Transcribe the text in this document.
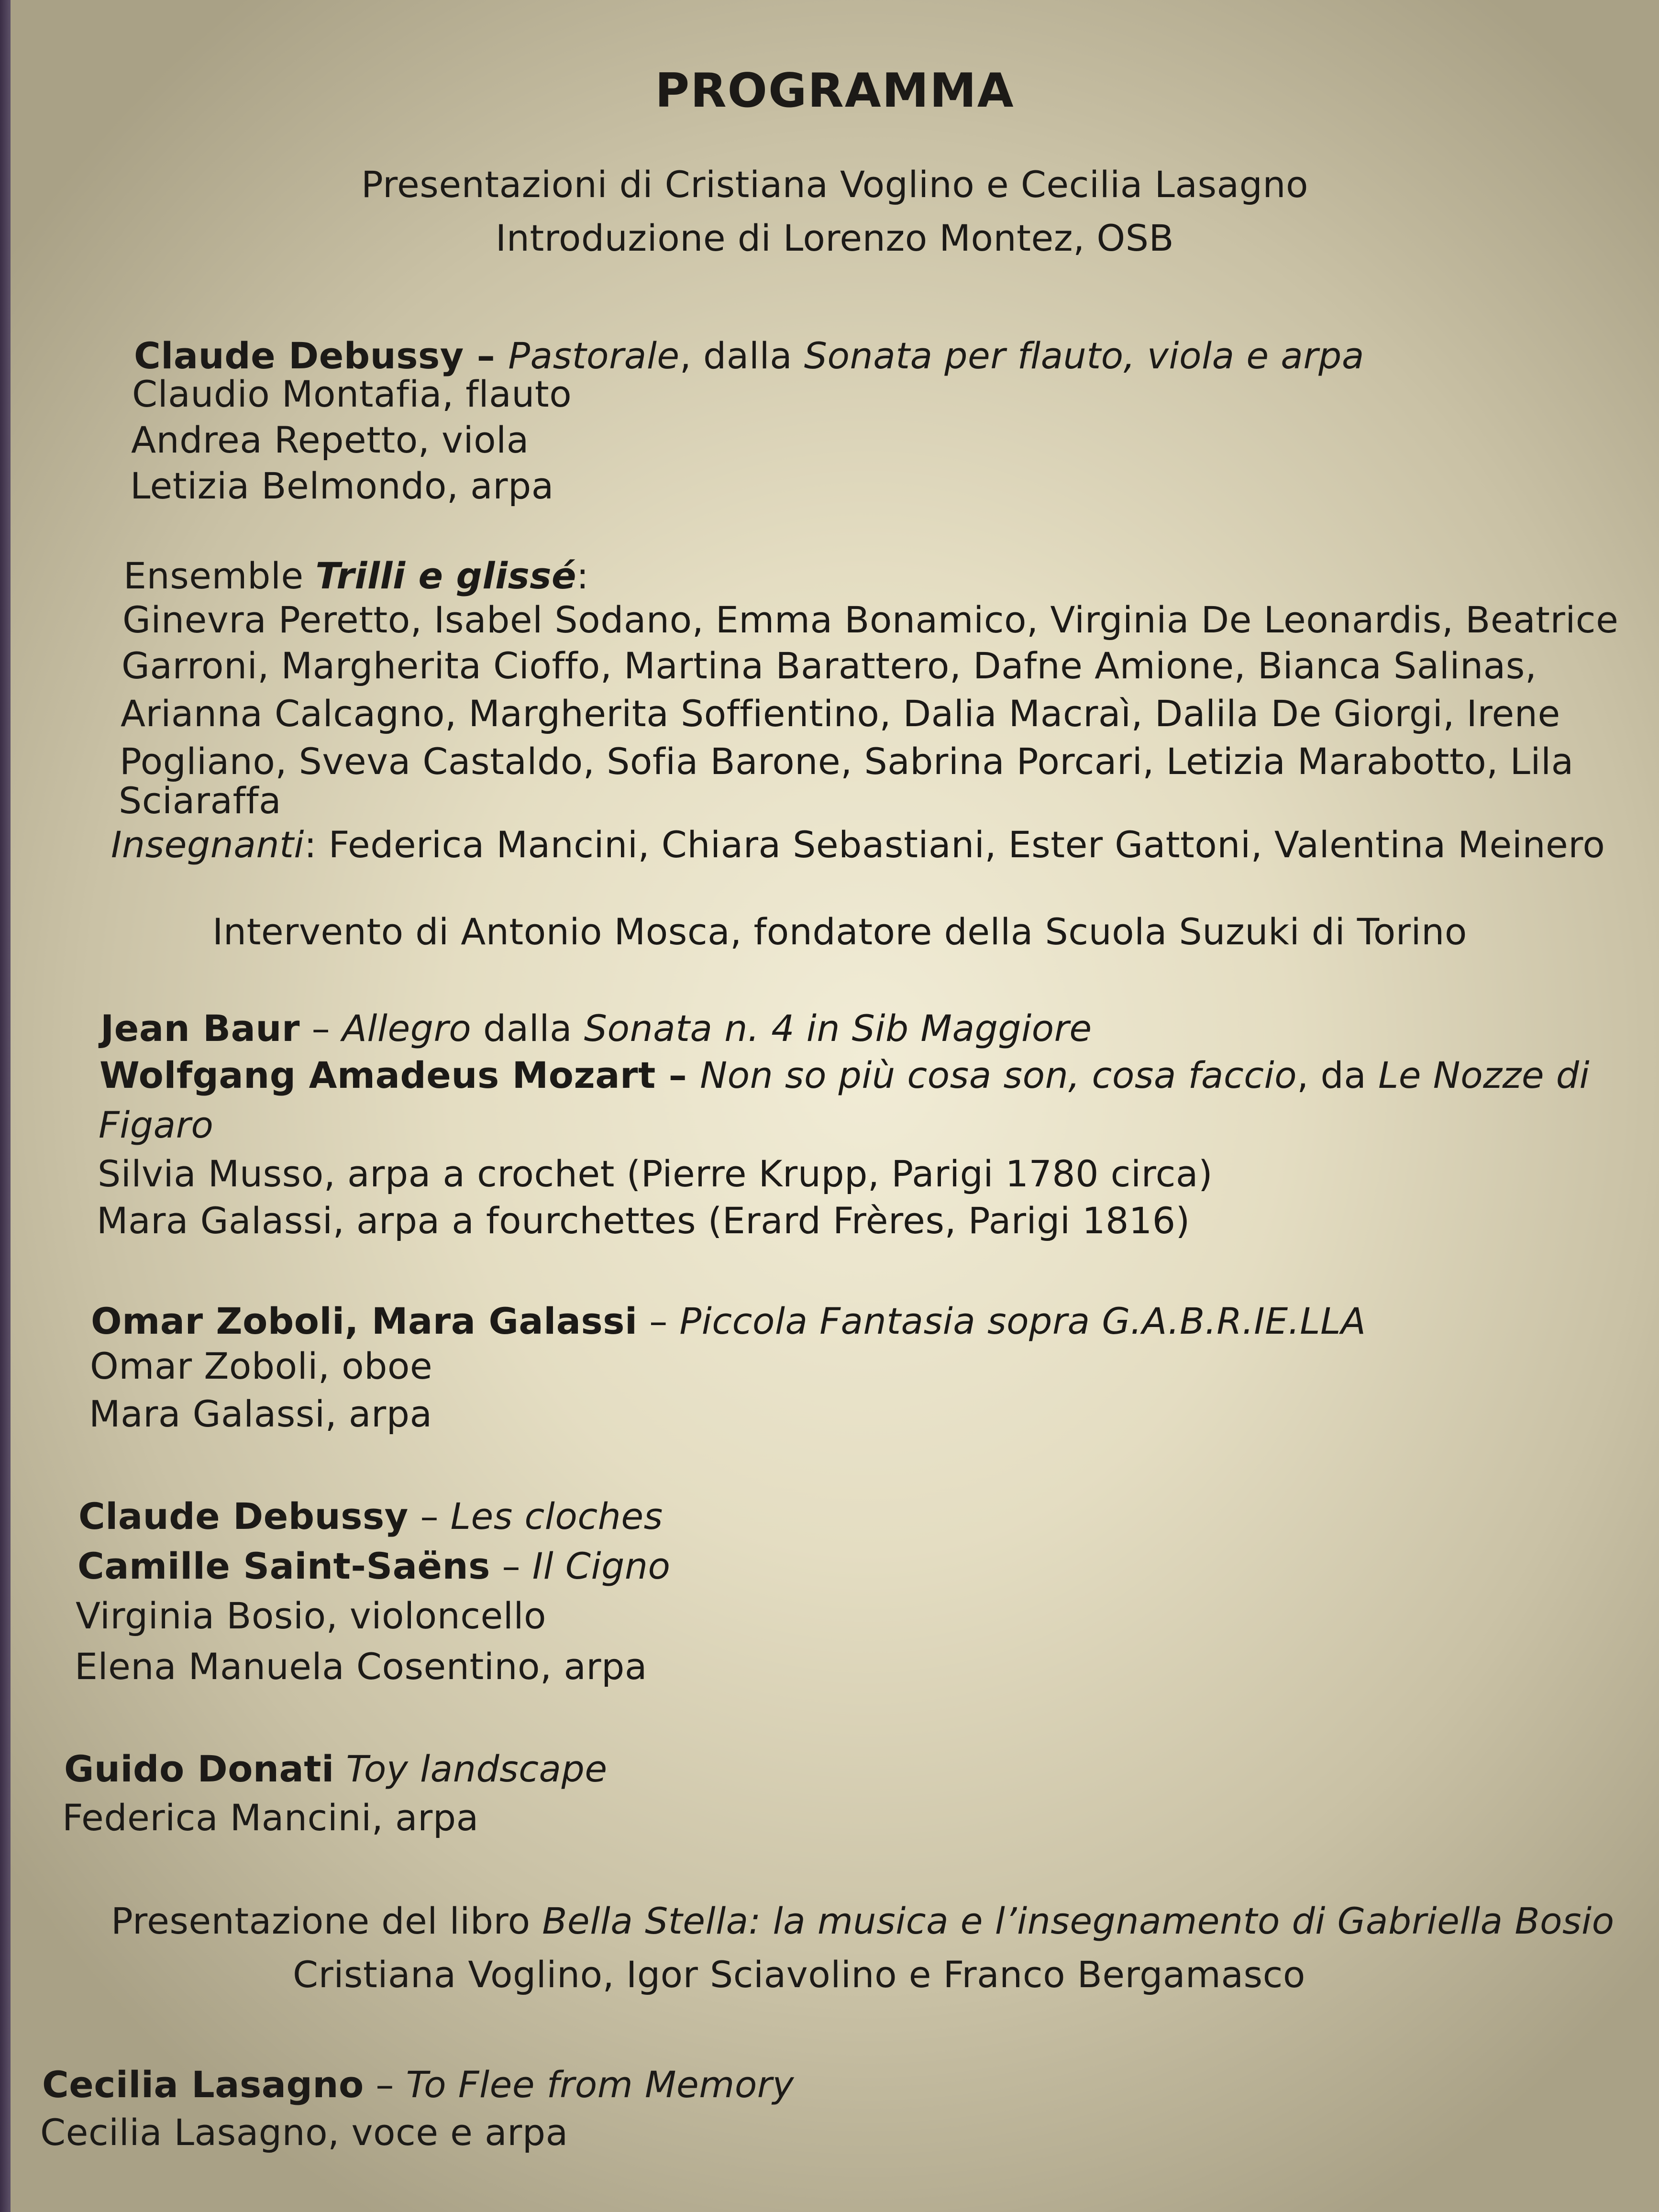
PROGRAMMA
Presentazioni di Cristiana Voglino e Cecilia Lasagno
Introduzione di Lorenzo Montez, OSB
Claude Debussy – Pastorale, dalla Sonata per flauto, viola e arpa
Claudio Montafia, flauto
Andrea Repetto, viola
Letizia Belmondo, arpa
Ensemble Trilli e glissé:
Ginevra Peretto, Isabel Sodano, Emma Bonamico, Virginia De Leonardis, Beatrice
Garroni, Margherita Cioffo, Martina Barattero, Dafne Amione, Bianca Salinas,
Arianna Calcagno, Margherita Soffientino, Dalia Macraì, Dalila De Giorgi, Irene
Pogliano, Sveva Castaldo, Sofia Barone, Sabrina Porcari, Letizia Marabotto, Lila
Sciaraffa
Insegnanti: Federica Mancini, Chiara Sebastiani, Ester Gattoni, Valentina Meinero
Intervento di Antonio Mosca, fondatore della Scuola Suzuki di Torino
Jean Baur – Allegro dalla Sonata n. 4 in Sib Maggiore
Wolfgang Amadeus Mozart – Non so più cosa son, cosa faccio, da Le Nozze di
Figaro
Silvia Musso, arpa a crochet (Pierre Krupp, Parigi 1780 circa)
Mara Galassi, arpa a fourchettes (Erard Frères, Parigi 1816)
Omar Zoboli, Mara Galassi – Piccola Fantasia sopra G.A.B.R.IE.LLA
Omar Zoboli, oboe
Mara Galassi, arpa
Claude Debussy – Les cloches
Camille Saint-Saëns – Il Cigno
Virginia Bosio, violoncello
Elena Manuela Cosentino, arpa
Guido Donati Toy landscape
Federica Mancini, arpa
Presentazione del libro Bella Stella: la musica e l’insegnamento di Gabriella Bosio
Cristiana Voglino, Igor Sciavolino e Franco Bergamasco
Cecilia Lasagno – To Flee from Memory
Cecilia Lasagno, voce e arpa
